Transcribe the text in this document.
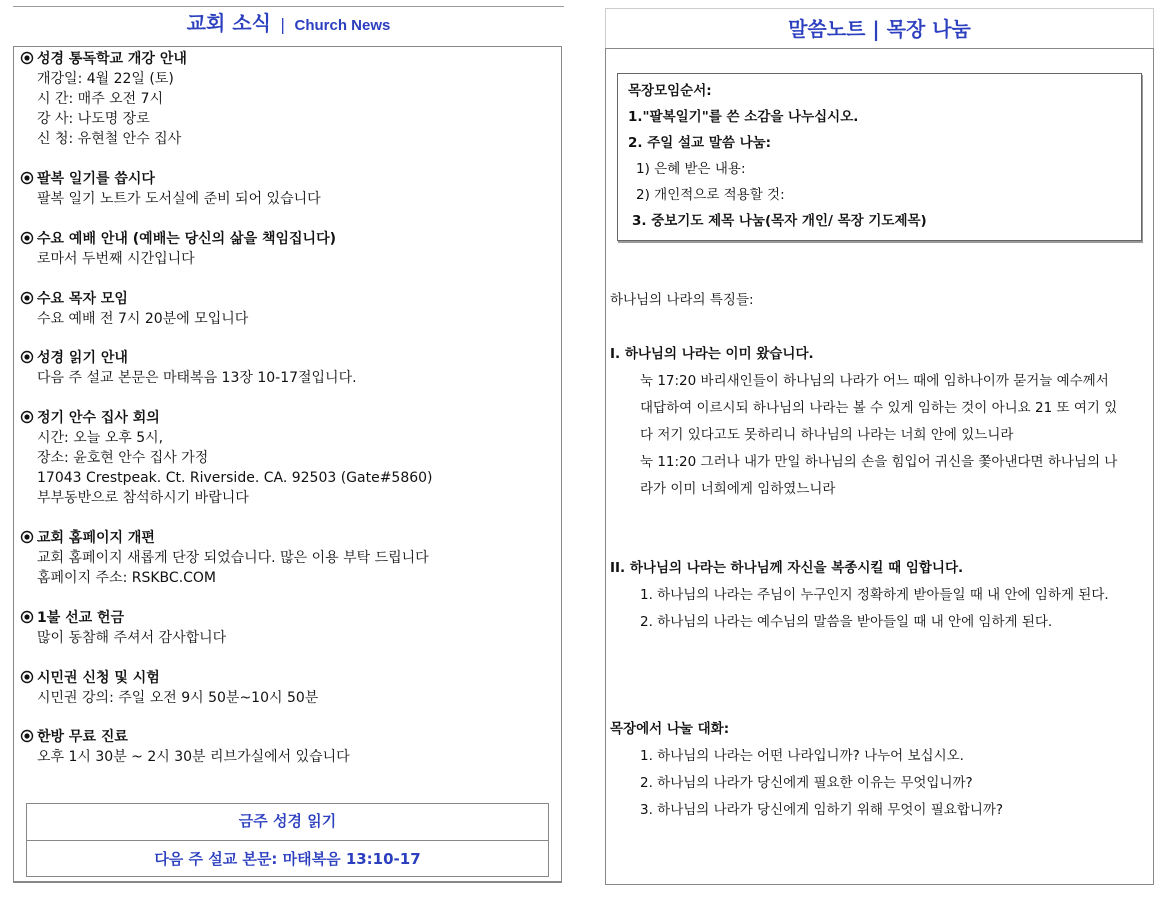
교회 소식 | Church News
성경 통독학교 개강 안내
개강일: 4월 22일 (토)
시 간: 매주 오전 7시
강 사: 나도명 장로
신 청: 유현철 안수 집사
팔복 일기를 씁시다
팔복 일기 노트가 도서실에 준비 되어 있습니다
수요 예배 안내 (예배는 당신의 삶을 책임집니다)
로마서 두번째 시간입니다
수요 목자 모임
수요 예배 전 7시 20분에 모입니다
성경 읽기 안내
다음 주 설교 본문은 마태복음 13장 10-17절입니다.
정기 안수 집사 회의
시간: 오늘 오후 5시,
장소: 윤호현 안수 집사 가정
17043 Crestpeak. Ct. Riverside. CA. 92503 (Gate#5860)
부부동반으로 참석하시기 바랍니다
교회 홈페이지 개편
교회 홈페이지 새롭게 단장 되었습니다. 많은 이용 부탁 드립니다
홈페이지 주소: RSKBC.COM
1불 선교 헌금
많이 동참해 주셔서 감사합니다
시민권 신청 및 시험
시민권 강의: 주일 오전 9시 50분~10시 50분
한방 무료 진료
오후 1시 30분 ~ 2시 30분 리브가실에서 있습니다
금주 성경 읽기
다음 주 설교 본문: 마태복음 13:10-17
말씀노트 | 목장 나눔
목장모임순서:
1."팔복일기"를 쓴 소감을 나누십시오.
2. 주일 설교 말씀 나눔:
1) 은혜 받은 내용:
2) 개인적으로 적용할 것:
3. 중보기도 제목 나눔(목자 개인/ 목장 기도제목)
하나님의 나라의 특징들:
I. 하나님의 나라는 이미 왔습니다.
눅 17:20 바리새인들이 하나님의 나라가 어느 때에 임하나이까 묻거늘 예수께서
대답하여 이르시되 하나님의 나라는 볼 수 있게 임하는 것이 아니요 21 또 여기 있
다 저기 있다고도 못하리니 하나님의 나라는 너희 안에 있느니라
눅 11:20 그러나 내가 만일 하나님의 손을 힘입어 귀신을 쫓아낸다면 하나님의 나
라가 이미 너희에게 임하였느니라
II. 하나님의 나라는 하나님께 자신을 복종시킬 때 임합니다.
1. 하나님의 나라는 주님이 누구인지 정확하게 받아들일 때 내 안에 임하게 된다.
2. 하나님의 나라는 예수님의 말씀을 받아들일 때 내 안에 임하게 된다.
목장에서 나눌 대화:
1. 하나님의 나라는 어떤 나라입니까? 나누어 보십시오.
2. 하나님의 나라가 당신에게 필요한 이유는 무엇입니까?
3. 하나님의 나라가 당신에게 임하기 위해 무엇이 필요합니까?
